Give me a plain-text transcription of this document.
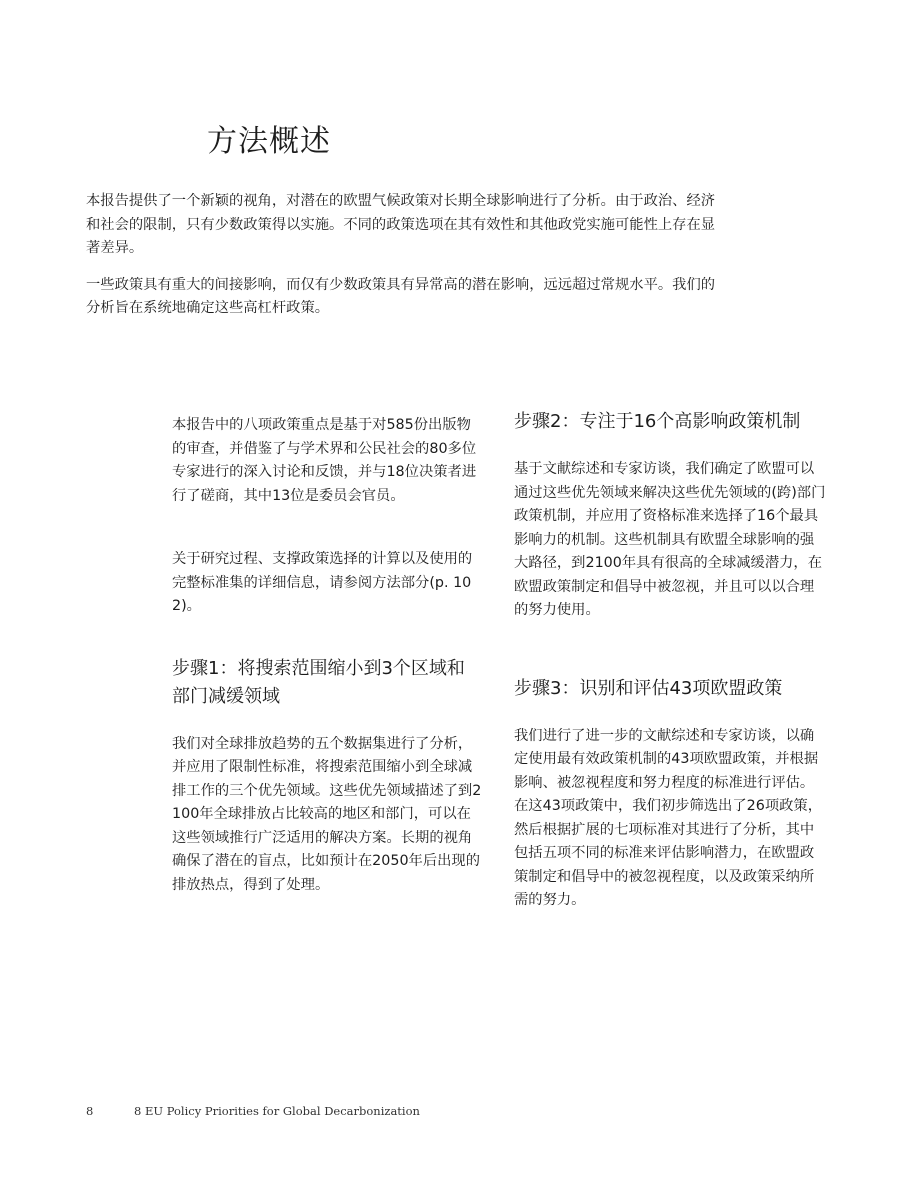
方法概述

本报告提供了一个新颖的视角，对潜在的欧盟气候政策对长期全球影响进行了分析。由于政治、经济和社会的限制，只有少数政策得以实施。不同的政策选项在其有效性和其他政党实施可能性上存在显著差异。

一些政策具有重大的间接影响，而仅有少数政策具有异常高的潜在影响，远远超过常规水平。我们的分析旨在系统地确定这些高杠杆政策。

本报告中的八项政策重点是基于对585份出版物的审查，并借鉴了与学术界和公民社会的80多位专家进行的深入讨论和反馈，并与18位决策者进行了磋商，其中13位是委员会官员。

关于研究过程、支撑政策选择的计算以及使用的完整标准集的详细信息，请参阅方法部分(p. 102)。

步骤1：将搜索范围缩小到3个区域和
部门减缓领域

我们对全球排放趋势的五个数据集进行了分析，并应用了限制性标准，将搜索范围缩小到全球减排工作的三个优先领域。这些优先领域描述了到2100年全球排放占比较高的地区和部门，可以在这些领域推行广泛适用的解决方案。长期的视角确保了潜在的盲点，比如预计在2050年后出现的排放热点，得到了处理。

步骤2：专注于16个高影响政策机制

基于文献综述和专家访谈，我们确定了欧盟可以通过这些优先领域来解决这些优先领域的(跨)部门政策机制，并应用了资格标准来选择了16个最具影响力的机制。这些机制具有欧盟全球影响的强大路径，到2100年具有很高的全球减缓潜力，在欧盟政策制定和倡导中被忽视，并且可以以合理的努力使用。

步骤3：识别和评估43项欧盟政策

我们进行了进一步的文献综述和专家访谈，以确定使用最有效政策机制的43项欧盟政策，并根据影响、被忽视程度和努力程度的标准进行评估。在这43项政策中，我们初步筛选出了26项政策，然后根据扩展的七项标准对其进行了分析，其中包括五项不同的标准来评估影响潜力，在欧盟政策制定和倡导中的被忽视程度，以及政策采纳所需的努力。

8	8 EU Policy Priorities for Global Decarbonization
